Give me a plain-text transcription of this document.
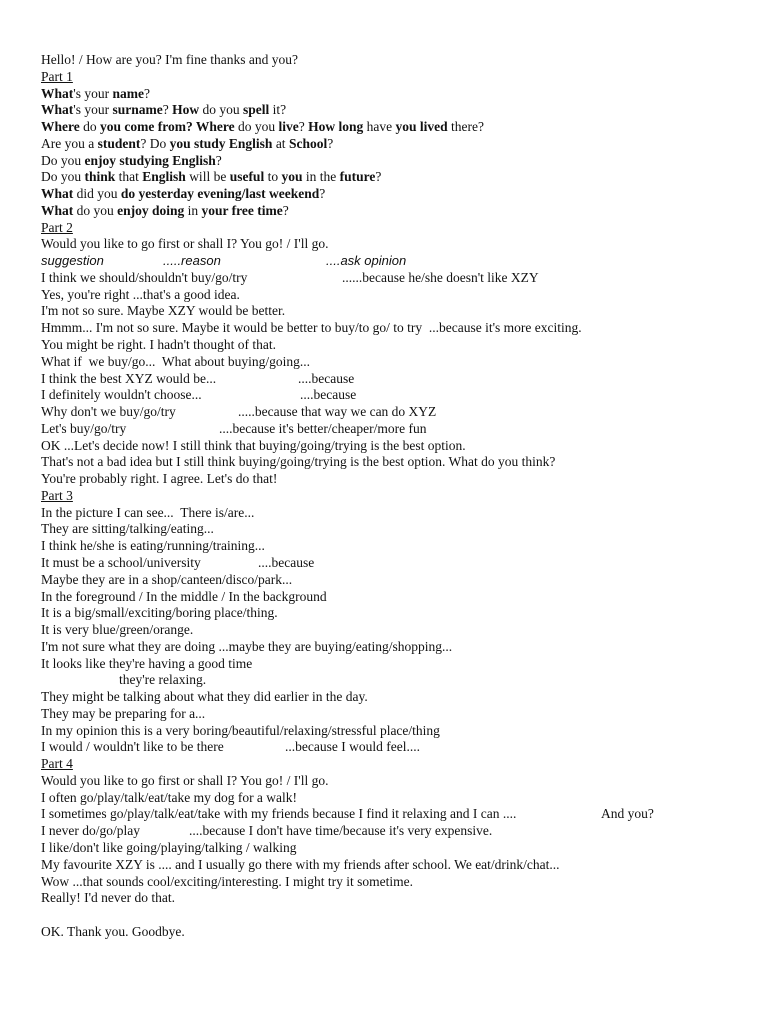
Hello! / How are you? I'm fine thanks and you?
Part 1
What's your name?
What's your surname? How do you spell it?
Where do you come from? Where do you live? How long have you lived there?
Are you a student? Do you study English at School?
Do you enjoy studying English?
Do you think that English will be useful to you in the future?
What did you do yesterday evening/last weekend?
What do you enjoy doing in your free time?
Part 2
Would you like to go first or shall I? You go! / I'll go.

suggestion

	.....reason

	....ask opinion

I think we should/shouldn't buy/go/try	......because he/she doesn't like XZY
Yes, you're right ...that's a good idea.
I'm not so sure. Maybe XZY would be better.
Hmmm... I'm not so sure. Maybe it would be better to buy/to go/ to try  ...because it's more exciting.
You might be right. I hadn't thought of that.
What if  we buy/go...  What about buying/going...
I think the best XYZ would be...	....because
I definitely wouldn't choose...	....because
Why don't we buy/go/try	.....because that way we can do XYZ
Let's buy/go/try	....because it's better/cheaper/more fun
OK ...Let's decide now! I still think that buying/going/trying is the best option.
That's not a bad idea but I still think buying/going/trying is the best option. What do you think?
You're probably right. I agree. Let's do that!
Part 3
In the picture I can see...  There is/are...
They are sitting/talking/eating...
I think he/she is eating/running/training...
It must be a school/university	....because
Maybe they are in a shop/canteen/disco/park...
In the foreground / In the middle / In the background
It is a big/small/exciting/boring place/thing.
It is very blue/green/orange.
I'm not sure what they are doing ...maybe they are buying/eating/shopping...
It looks like they're having a good time
they're relaxing.
They might be talking about what they did earlier in the day.
They may be preparing for a...
In my opinion this is a very boring/beautiful/relaxing/stressful place/thing
I would / wouldn't like to be there	...because I would feel....
Part 4
Would you like to go first or shall I? You go! / I'll go.
I often go/play/talk/eat/take my dog for a walk!
I sometimes go/play/talk/eat/take with my friends because I find it relaxing and I can ....	And you?
I never do/go/play	....because I don't have time/because it's very expensive.
I like/don't like going/playing/talking / walking
My favourite XZY is .... and I usually go there with my friends after school. We eat/drink/chat...
Wow ...that sounds cool/exciting/interesting. I might try it sometime.
Really! I'd never do that.
OK. Thank you. Goodbye.
